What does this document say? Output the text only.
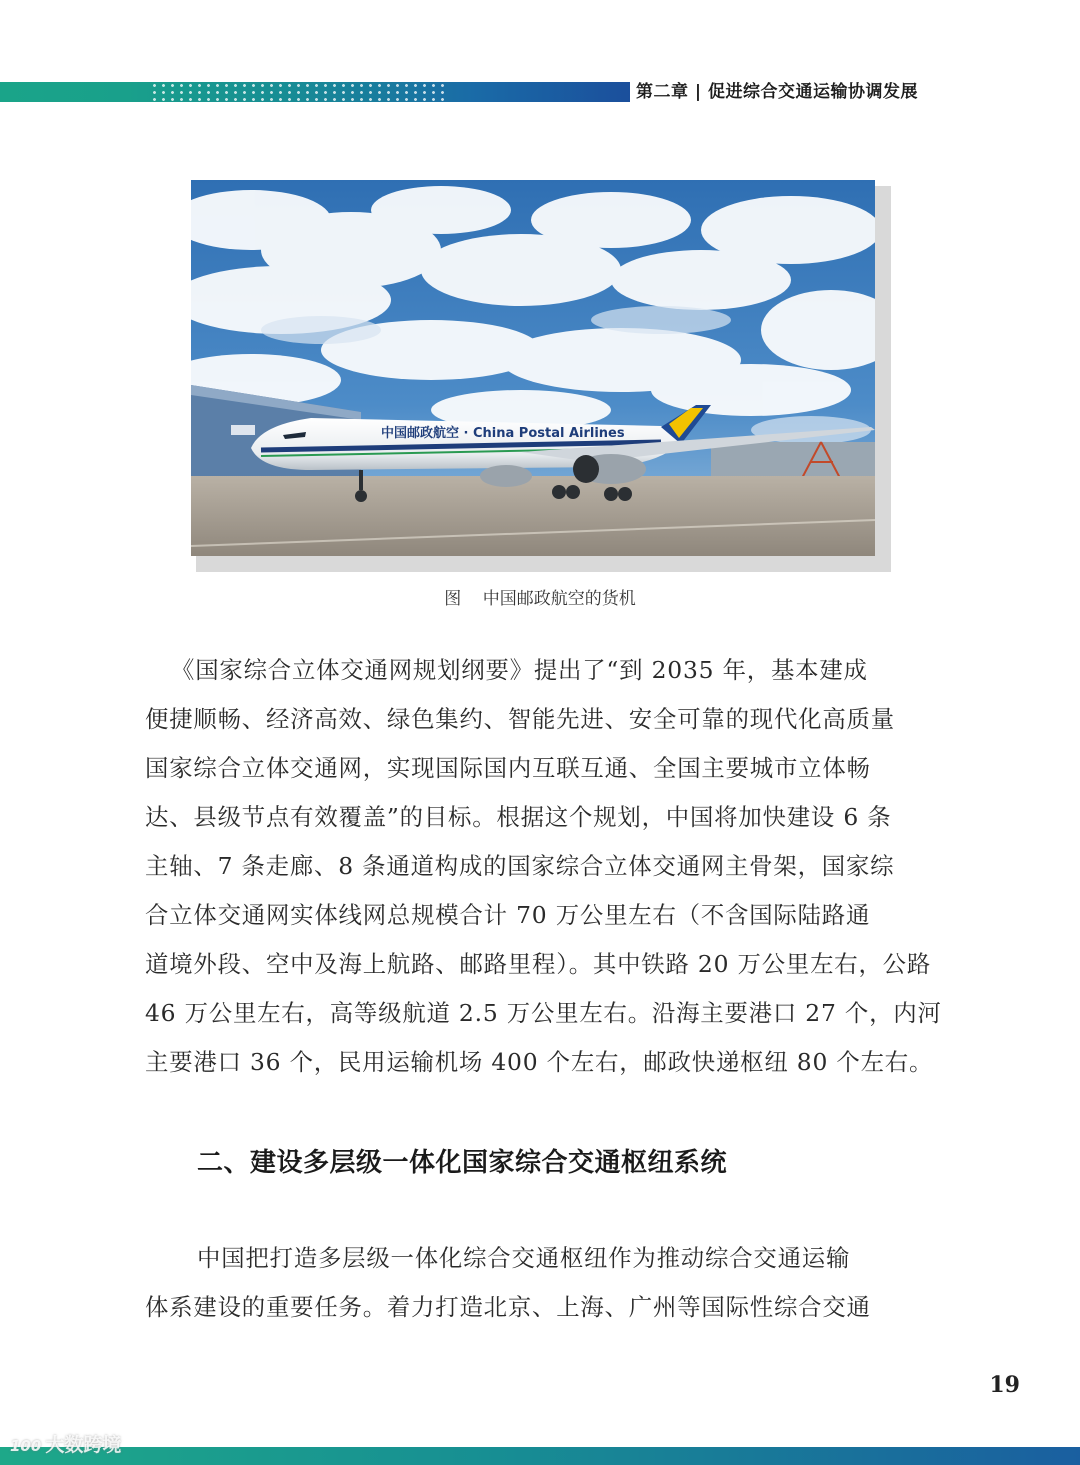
第二章 | 促进综合交通运输协调发展
中国邮政航空 · China Postal Airlines
图    中国邮政航空的货机
《国家综合立体交通网规划纲要》提出了“到 2035 年，基本建成
便捷顺畅、经济高效、绿色集约、智能先进、安全可靠的现代化高质量
国家综合立体交通网，实现国际国内互联互通、全国主要城市立体畅
达、县级节点有效覆盖”的目标。根据这个规划，中国将加快建设 6 条
主轴、7 条走廊、8 条通道构成的国家综合立体交通网主骨架，国家综
合立体交通网实体线网总规模合计 70 万公里左右（不含国际陆路通
道境外段、空中及海上航路、邮路里程）。其中铁路 20 万公里左右，公路
46 万公里左右，高等级航道 2.5 万公里左右。沿海主要港口 27 个，内河
主要港口 36 个，民用运输机场 400 个左右，邮政快递枢纽 80 个左右。
二、建设多层级一体化国家综合交通枢纽系统
中国把打造多层级一体化综合交通枢纽作为推动综合交通运输
体系建设的重要任务。着力打造北京、上海、广州等国际性综合交通
19
100 大数跨境
